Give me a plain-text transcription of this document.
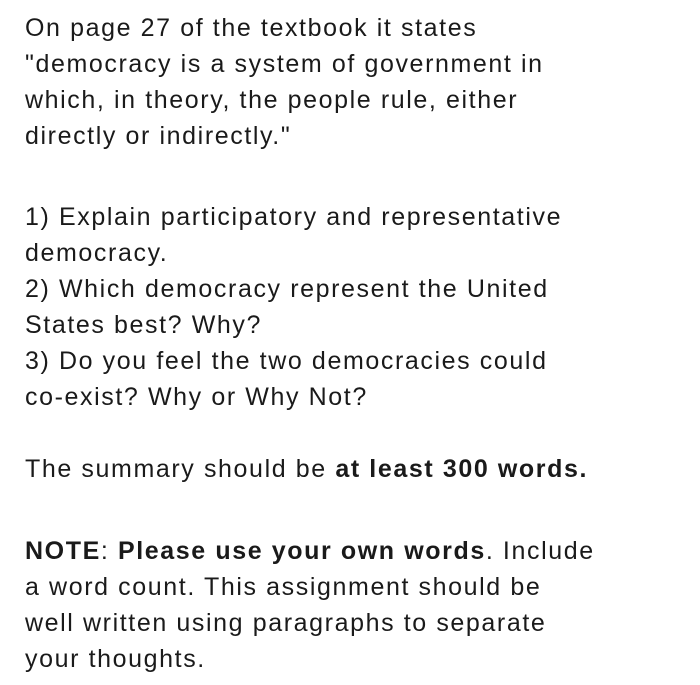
On page 27 of the textbook it states
"democracy is a system of government in
which, in theory, the people rule, either
directly or indirectly."

1) Explain participatory and representative
democracy.
2) Which democracy represent the United
States best? Why?
3) Do you feel the two democracies could
co-exist? Why or Why Not?

The summary should be at least 300 words.

NOTE: Please use your own words. Include
a word count. This assignment should be
well written using paragraphs to separate
your thoughts.
